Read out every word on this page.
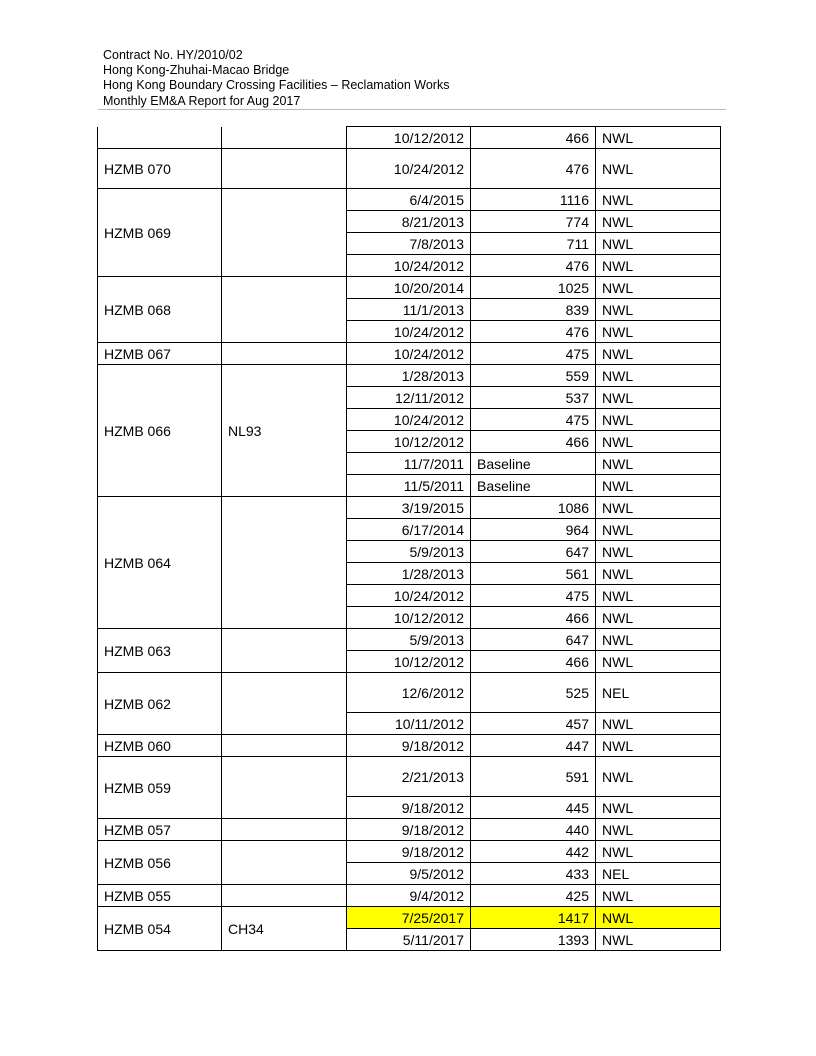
Contract No. HY/2010/02
Hong Kong-Zhuhai-Macao Bridge
Hong Kong Boundary Crossing Facilities – Reclamation Works
Monthly EM&A Report for Aug 2017
		10/12/2012	466	NWL
HZMB 070		10/24/2012	476	NWL
HZMB 069		6/4/2015	1116	NWL
		8/21/2013	774	NWL
		7/8/2013	711	NWL
		10/24/2012	476	NWL
HZMB 068		10/20/2014	1025	NWL
		11/1/2013	839	NWL
		10/24/2012	476	NWL
HZMB 067		10/24/2012	475	NWL
HZMB 066	NL93	1/28/2013	559	NWL
		12/11/2012	537	NWL
		10/24/2012	475	NWL
		10/12/2012	466	NWL
		11/7/2011	Baseline	NWL
		11/5/2011	Baseline	NWL
HZMB 064		3/19/2015	1086	NWL
		6/17/2014	964	NWL
		5/9/2013	647	NWL
		1/28/2013	561	NWL
		10/24/2012	475	NWL
		10/12/2012	466	NWL
HZMB 063		5/9/2013	647	NWL
		10/12/2012	466	NWL
HZMB 062		12/6/2012	525	NEL
		10/11/2012	457	NWL
HZMB 060		9/18/2012	447	NWL
HZMB 059		2/21/2013	591	NWL
		9/18/2012	445	NWL
HZMB 057		9/18/2012	440	NWL
HZMB 056		9/18/2012	442	NWL
		9/5/2012	433	NEL
HZMB 055		9/4/2012	425	NWL
HZMB 054	CH34	7/25/2017	1417	NWL
		5/11/2017	1393	NWL
